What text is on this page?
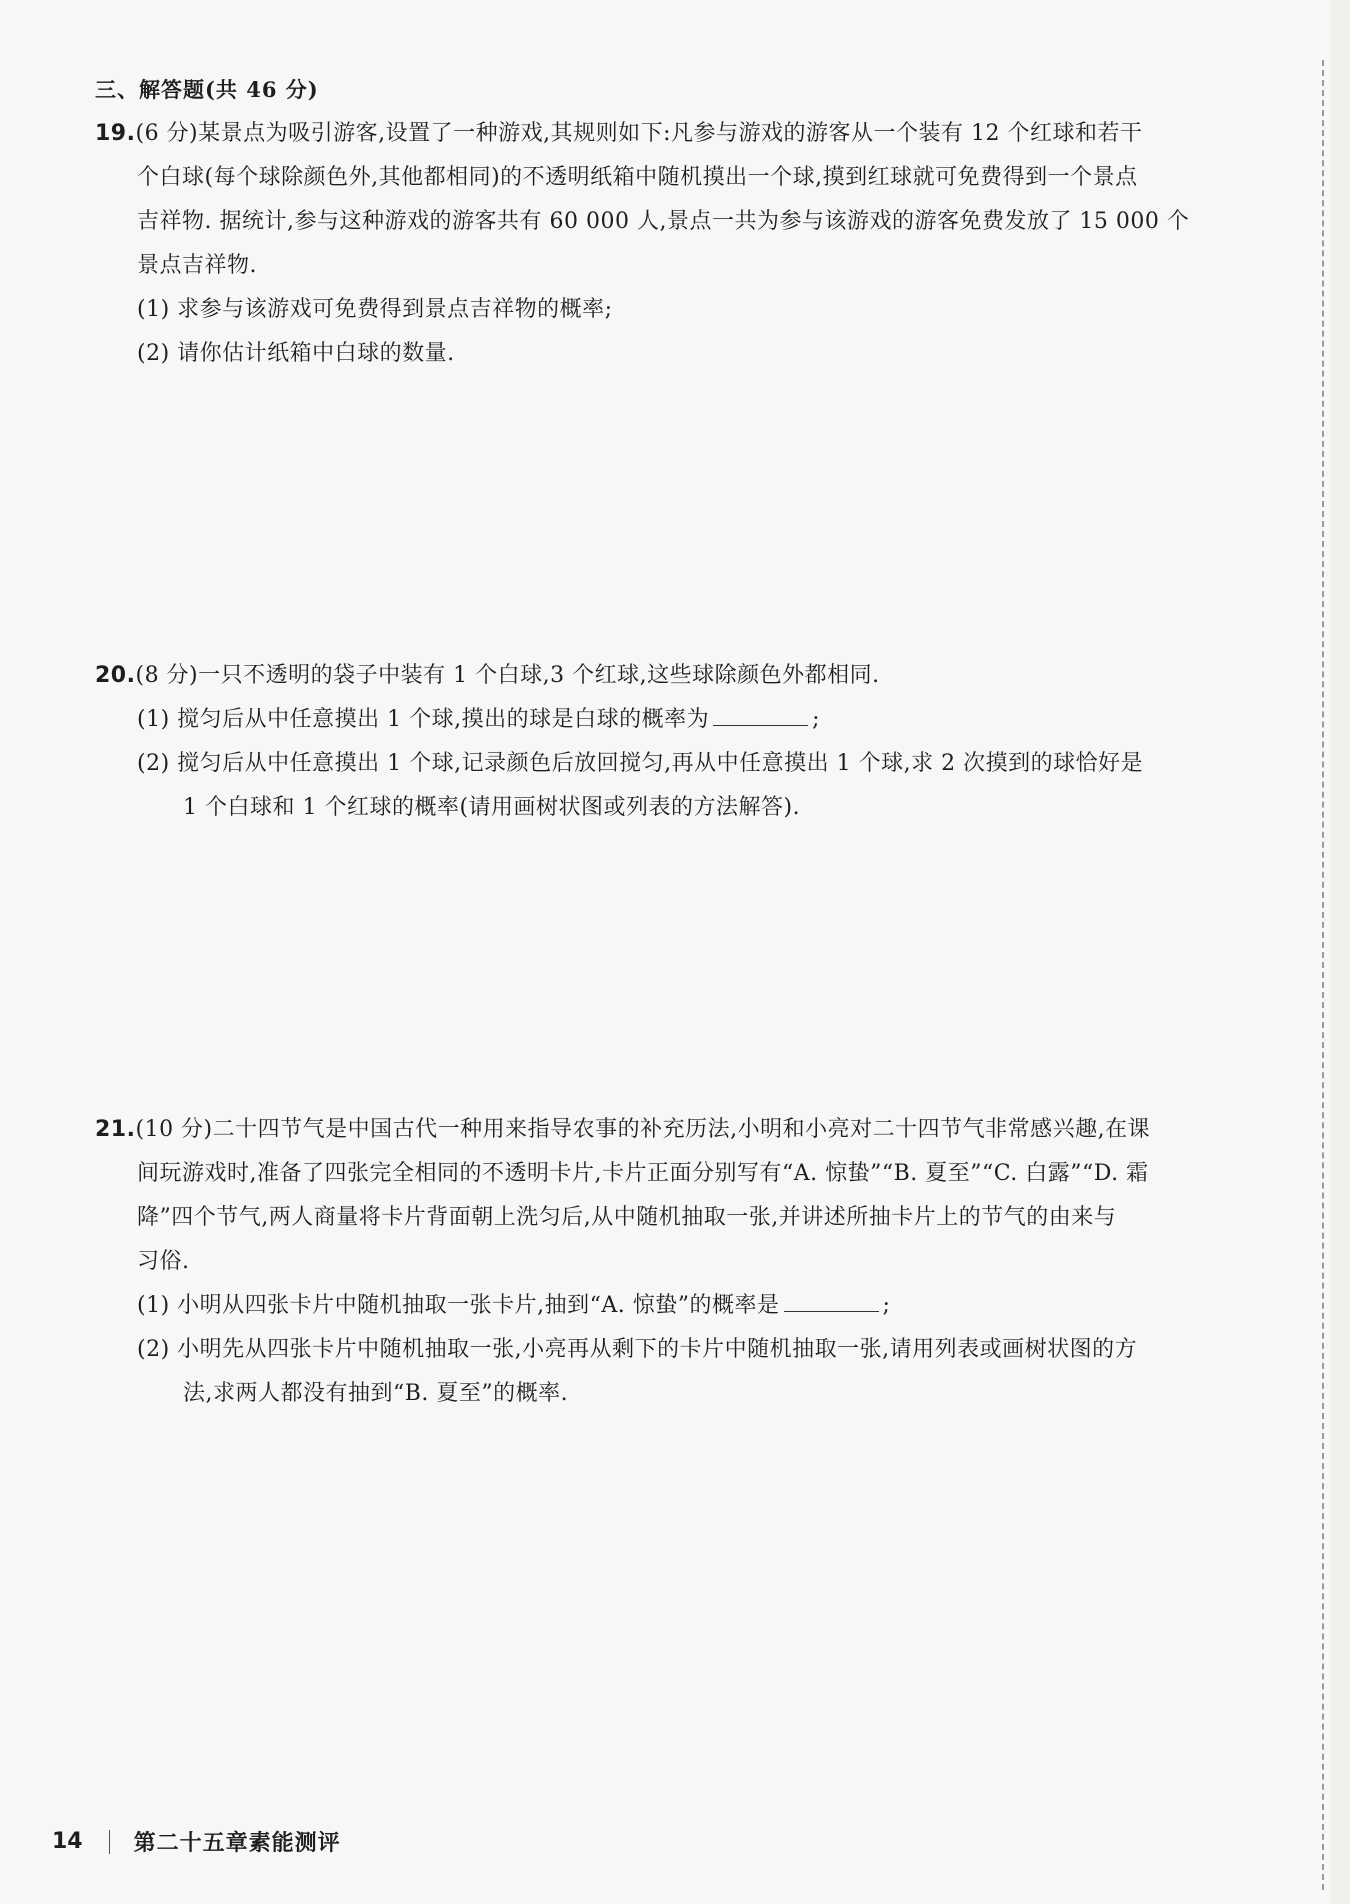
三、解答题(共 46 分)
19.(6 分)某景点为吸引游客,设置了一种游戏,其规则如下:凡参与游戏的游客从一个装有 12 个红球和若干
个白球(每个球除颜色外,其他都相同)的不透明纸箱中随机摸出一个球,摸到红球就可免费得到一个景点
吉祥物. 据统计,参与这种游戏的游客共有 60 000 人,景点一共为参与该游戏的游客免费发放了 15 000 个
景点吉祥物.
(1) 求参与该游戏可免费得到景点吉祥物的概率;
(2) 请你估计纸箱中白球的数量.
20.(8 分)一只不透明的袋子中装有 1 个白球,3 个红球,这些球除颜色外都相同.
(1) 搅匀后从中任意摸出 1 个球,摸出的球是白球的概率为	;
(2) 搅匀后从中任意摸出 1 个球,记录颜色后放回搅匀,再从中任意摸出 1 个球,求 2 次摸到的球恰好是
1 个白球和 1 个红球的概率(请用画树状图或列表的方法解答).
21.(10 分)二十四节气是中国古代一种用来指导农事的补充历法,小明和小亮对二十四节气非常感兴趣,在课
间玩游戏时,准备了四张完全相同的不透明卡片,卡片正面分别写有“A. 惊蛰”“B. 夏至”“C. 白露”“D. 霜
降”四个节气,两人商量将卡片背面朝上洗匀后,从中随机抽取一张,并讲述所抽卡片上的节气的由来与
习俗.
(1) 小明从四张卡片中随机抽取一张卡片,抽到“A. 惊蛰”的概率是	;
(2) 小明先从四张卡片中随机抽取一张,小亮再从剩下的卡片中随机抽取一张,请用列表或画树状图的方
法,求两人都没有抽到“B. 夏至”的概率.
14 第二十五章素能测评
